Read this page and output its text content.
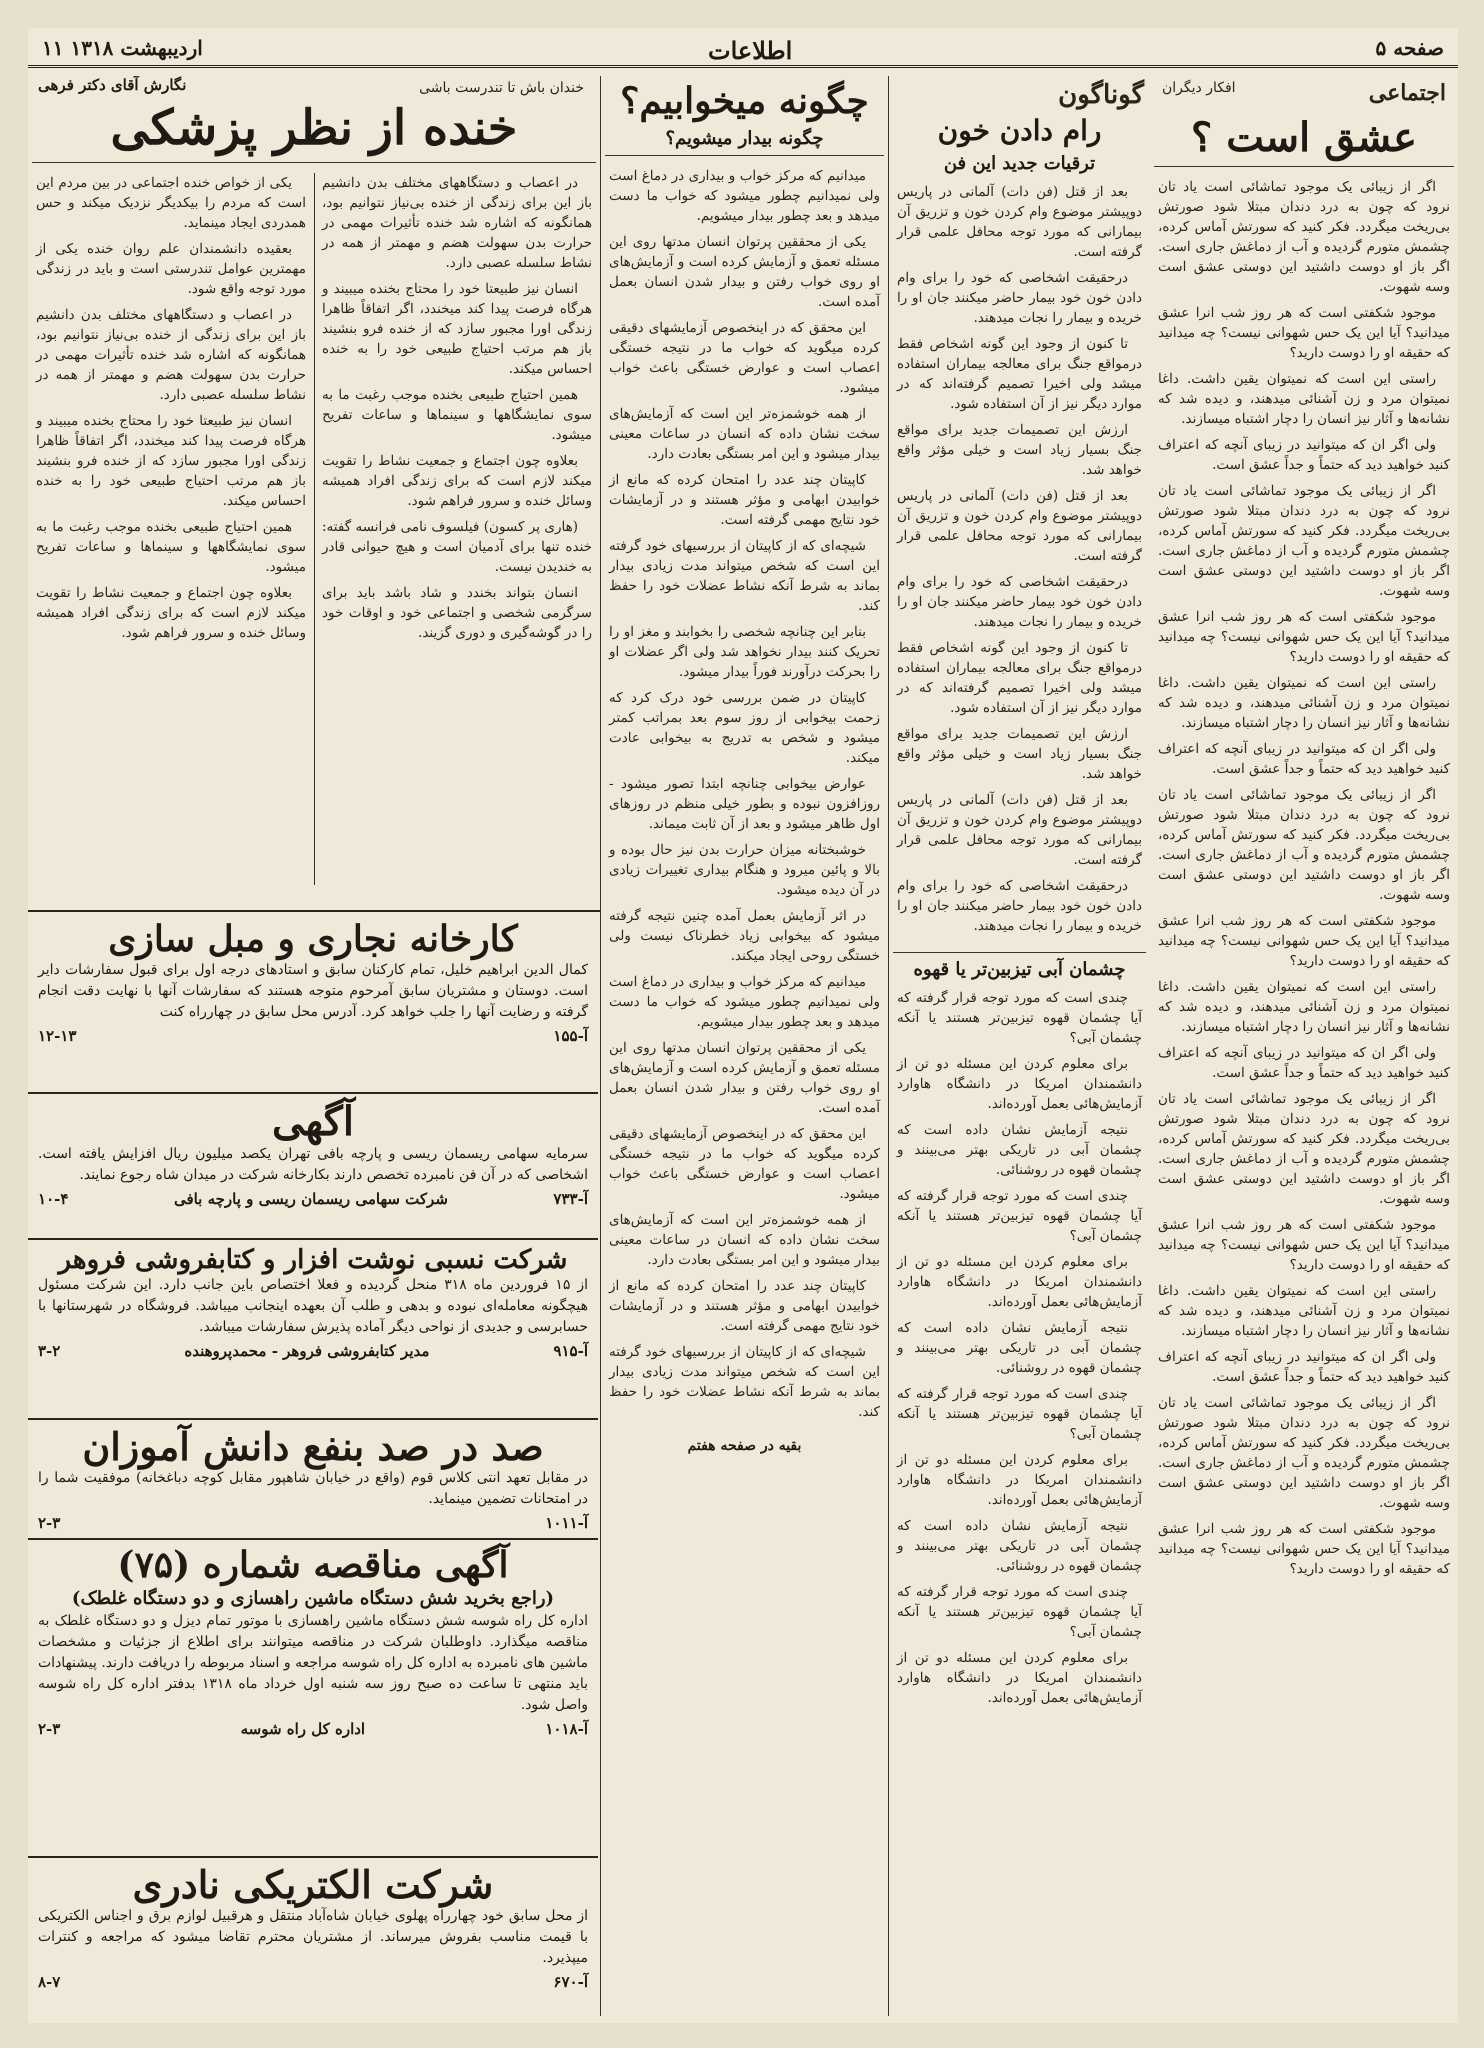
صفحه ۵
اطلاعات
۱۱ اردیبهشت ۱۳۱۸
اجتماعی
افکار دیگران
عشق است ؟

اگر از زیبائی یک موجود تماشائی است یاد تان نرود که چون به درد دندان مبتلا شود صورتش بی‌ریخت میگردد. فکر کنید که سورتش آماس کرده، چشمش متورم گردیده و آب از دماغش جاری است. اگر باز او دوست داشتید این دوستی عشق است وسه شهوت.

موجود شکفتی است که هر روز شب انرا عشق میدانید؟ آیا این یک حس شهوانی نیست؟ چه میدانید که حقیقه او را دوست دارید؟

راستی این است که نمیتوان یقین داشت. داغا نمیتوان مرد و زن آشنائی میدهند، و دیده شد که نشانه‌ها و آثار نیز انسان را دچار اشتباه میسازند.

ولی اگر ان که میتوانید در زیبای آنچه که اعتراف کنید خواهید دید که حتماً و جداً عشق است.

اگر از زیبائی یک موجود تماشائی است یاد تان نرود که چون به درد دندان مبتلا شود صورتش بی‌ریخت میگردد. فکر کنید که سورتش آماس کرده، چشمش متورم گردیده و آب از دماغش جاری است. اگر باز او دوست داشتید این دوستی عشق است وسه شهوت.

موجود شکفتی است که هر روز شب انرا عشق میدانید؟ آیا این یک حس شهوانی نیست؟ چه میدانید که حقیقه او را دوست دارید؟

راستی این است که نمیتوان یقین داشت. داغا نمیتوان مرد و زن آشنائی میدهند، و دیده شد که نشانه‌ها و آثار نیز انسان را دچار اشتباه میسازند.

ولی اگر ان که میتوانید در زیبای آنچه که اعتراف کنید خواهید دید که حتماً و جداً عشق است.

اگر از زیبائی یک موجود تماشائی است یاد تان نرود که چون به درد دندان مبتلا شود صورتش بی‌ریخت میگردد. فکر کنید که سورتش آماس کرده، چشمش متورم گردیده و آب از دماغش جاری است. اگر باز او دوست داشتید این دوستی عشق است وسه شهوت.

موجود شکفتی است که هر روز شب انرا عشق میدانید؟ آیا این یک حس شهوانی نیست؟ چه میدانید که حقیقه او را دوست دارید؟

راستی این است که نمیتوان یقین داشت. داغا نمیتوان مرد و زن آشنائی میدهند، و دیده شد که نشانه‌ها و آثار نیز انسان را دچار اشتباه میسازند.

ولی اگر ان که میتوانید در زیبای آنچه که اعتراف کنید خواهید دید که حتماً و جداً عشق است.

اگر از زیبائی یک موجود تماشائی است یاد تان نرود که چون به درد دندان مبتلا شود صورتش بی‌ریخت میگردد. فکر کنید که سورتش آماس کرده، چشمش متورم گردیده و آب از دماغش جاری است. اگر باز او دوست داشتید این دوستی عشق است وسه شهوت.

موجود شکفتی است که هر روز شب انرا عشق میدانید؟ آیا این یک حس شهوانی نیست؟ چه میدانید که حقیقه او را دوست دارید؟

راستی این است که نمیتوان یقین داشت. داغا نمیتوان مرد و زن آشنائی میدهند، و دیده شد که نشانه‌ها و آثار نیز انسان را دچار اشتباه میسازند.

ولی اگر ان که میتوانید در زیبای آنچه که اعتراف کنید خواهید دید که حتماً و جداً عشق است.

اگر از زیبائی یک موجود تماشائی است یاد تان نرود که چون به درد دندان مبتلا شود صورتش بی‌ریخت میگردد. فکر کنید که سورتش آماس کرده، چشمش متورم گردیده و آب از دماغش جاری است. اگر باز او دوست داشتید این دوستی عشق است وسه شهوت.

موجود شکفتی است که هر روز شب انرا عشق میدانید؟ آیا این یک حس شهوانی نیست؟ چه میدانید که حقیقه او را دوست دارید؟

گوناگون
رام دادن خون
ترقیات جدید این فن

بعد از قتل (فن دات) آلمانی در پاریس دوپیشتر موضوع وام کردن خون و تزریق آن بیمارانی که مورد توجه محافل علمی قرار گرفته است.

درحقیقت اشخاصی که خود را برای وام دادن خون خود بیمار حاضر میکنند جان او را خریده و بیمار را نجات میدهند.

تا کنون از وجود این گونه اشخاص فقط درمواقع جنگ برای معالجه بیماران استفاده میشد ولی اخیرا تصمیم گرفته‌اند که در موارد دیگر نیز از آن استفاده شود.

ارزش این تصمیمات جدید برای مواقع جنگ بسیار زیاد است و خیلی مؤثر واقع خواهد شد.

بعد از قتل (فن دات) آلمانی در پاریس دوپیشتر موضوع وام کردن خون و تزریق آن بیمارانی که مورد توجه محافل علمی قرار گرفته است.

درحقیقت اشخاصی که خود را برای وام دادن خون خود بیمار حاضر میکنند جان او را خریده و بیمار را نجات میدهند.

تا کنون از وجود این گونه اشخاص فقط درمواقع جنگ برای معالجه بیماران استفاده میشد ولی اخیرا تصمیم گرفته‌اند که در موارد دیگر نیز از آن استفاده شود.

ارزش این تصمیمات جدید برای مواقع جنگ بسیار زیاد است و خیلی مؤثر واقع خواهد شد.

بعد از قتل (فن دات) آلمانی در پاریس دوپیشتر موضوع وام کردن خون و تزریق آن بیمارانی که مورد توجه محافل علمی قرار گرفته است.

درحقیقت اشخاصی که خود را برای وام دادن خون خود بیمار حاضر میکنند جان او را خریده و بیمار را نجات میدهند.

چشمان آبی تیزبین‌تر یا قهوه

چندی است که مورد توجه قرار گرفته که آیا چشمان قهوه تیزبین‌تر هستند یا آنکه چشمان آبی؟

برای معلوم کردن این مسئله دو تن از دانشمندان امریکا در دانشگاه هاوارد آزمایش‌هائی بعمل آورده‌اند.

نتیجه آزمایش نشان داده است که چشمان آبی در تاریکی بهتر می‌بینند و چشمان قهوه در روشنائی.

چندی است که مورد توجه قرار گرفته که آیا چشمان قهوه تیزبین‌تر هستند یا آنکه چشمان آبی؟

برای معلوم کردن این مسئله دو تن از دانشمندان امریکا در دانشگاه هاوارد آزمایش‌هائی بعمل آورده‌اند.

نتیجه آزمایش نشان داده است که چشمان آبی در تاریکی بهتر می‌بینند و چشمان قهوه در روشنائی.

چندی است که مورد توجه قرار گرفته که آیا چشمان قهوه تیزبین‌تر هستند یا آنکه چشمان آبی؟

برای معلوم کردن این مسئله دو تن از دانشمندان امریکا در دانشگاه هاوارد آزمایش‌هائی بعمل آورده‌اند.

نتیجه آزمایش نشان داده است که چشمان آبی در تاریکی بهتر می‌بینند و چشمان قهوه در روشنائی.

چندی است که مورد توجه قرار گرفته که آیا چشمان قهوه تیزبین‌تر هستند یا آنکه چشمان آبی؟

برای معلوم کردن این مسئله دو تن از دانشمندان امریکا در دانشگاه هاوارد آزمایش‌هائی بعمل آورده‌اند.

چگونه میخوابیم؟
چگونه بیدار میشویم؟

میدانیم که مرکز خواب و بیداری در دماغ است ولی نمیدانیم چطور میشود که خواب ما دست میدهد و بعد چطور بیدار میشویم.

یکی از محققین پرتوان انسان مدتها روی این مسئله تعمق و آزمایش کرده است و آزمایش‌های او روی خواب رفتن و بیدار شدن انسان بعمل آمده است.

این محقق که در اینخصوص آزمایشهای دقیقی کرده میگوید که خواب ما در نتیجه خستگی اعصاب است و عوارض خستگی باعث خواب میشود.

از همه خوشمزه‌تر این است که آزمایش‌های سخت نشان داده که انسان در ساعات معینی بیدار میشود و این امر بستگی بعادت دارد.

کاپیتان چند عدد را امتحان کرده که مانع از خوابیدن ابهامی و مؤثر هستند و در آزمایشات خود نتایج مهمی گرفته است.

شیچه‌ای که از کاپیتان از بررسیهای خود گرفته این است که شخص میتواند مدت زیادی بیدار بماند به شرط آنکه نشاط عضلات خود را حفظ کند.

بنابر این چنانچه شخصی را بخوابند و مغز او را تحریک کنند بیدار نخواهد شد ولی اگر عضلات او را بحرکت درآورند فوراً بیدار میشود.

کاپیتان در ضمن بررسی خود درک کرد که زحمت بیخوابی از روز سوم بعد بمراتب کمتر میشود و شخص به تدریج به بیخوابی عادت میکند.

عوارض بیخوابی چنانچه ابتدا تصور میشود - روزافزون نبوده و بطور خیلی منظم در روزهای اول ظاهر میشود و بعد از آن ثابت میماند.

خوشبختانه میزان حرارت بدن نیز حال بوده و بالا و پائین میرود و هنگام بیداری تغییرات زیادی در آن دیده میشود.

در اثر آزمایش بعمل آمده چنین نتیجه گرفته میشود که بیخوابی زیاد خطرناک نیست ولی خستگی روحی ایجاد میکند.

میدانیم که مرکز خواب و بیداری در دماغ است ولی نمیدانیم چطور میشود که خواب ما دست میدهد و بعد چطور بیدار میشویم.

یکی از محققین پرتوان انسان مدتها روی این مسئله تعمق و آزمایش کرده است و آزمایش‌های او روی خواب رفتن و بیدار شدن انسان بعمل آمده است.

این محقق که در اینخصوص آزمایشهای دقیقی کرده میگوید که خواب ما در نتیجه خستگی اعصاب است و عوارض خستگی باعث خواب میشود.

از همه خوشمزه‌تر این است که آزمایش‌های سخت نشان داده که انسان در ساعات معینی بیدار میشود و این امر بستگی بعادت دارد.

کاپیتان چند عدد را امتحان کرده که مانع از خوابیدن ابهامی و مؤثر هستند و در آزمایشات خود نتایج مهمی گرفته است.

شیچه‌ای که از کاپیتان از بررسیهای خود گرفته این است که شخص میتواند مدت زیادی بیدار بماند به شرط آنکه نشاط عضلات خود را حفظ کند.

بقیه در صفحه هفتم
خندان باش تا تندرست باشی
نگارش آقای دکتر فرهی
خنده از نظر پزشکی

در اعصاب و دستگاههای مختلف بدن دانشیم باز این برای زندگی از خنده بی‌نیاز نتوانیم بود، همانگونه که اشاره شد خنده تأثیرات مهمی در حرارت بدن سهولت هضم و مهمتر از همه در نشاط سلسله عصبی دارد.

انسان نیز طبیعتا خود را محتاج بخنده میبیند و هرگاه فرصت پیدا کند میخندد، اگر اتفاقاً ظاهرا زندگی اورا مجبور سازد که از خنده فرو بنشیند باز هم مرتب احتیاج طبیعی خود را به خنده احساس میکند.

همین احتیاج طبیعی بخنده موجب رغبت ما به سوی نمایشگاهها و سینماها و ساعات تفریح میشود.

بعلاوه چون اجتماع و جمعیت نشاط را تقویت میکند لازم است که برای زندگی افراد همیشه وسائل خنده و سرور فراهم شود.

(هاری پر کسون) فیلسوف نامی فرانسه گفته: خنده تنها برای آدمیان است و هیچ حیوانی قادر به خندیدن نیست.

انسان بتواند بخندد و شاد باشد باید برای سرگرمی شخصی و اجتماعی خود و اوقات خود را در گوشه‌گیری و دوری گزیند.

یکی از خواص خنده اجتماعی در بین مردم این است که مردم را بیکدیگر نزدیک میکند و حس همدردی ایجاد مینماید.

بعقیده دانشمندان علم روان خنده یکی از مهمترین عوامل تندرستی است و باید در زندگی مورد توجه واقع شود.

در اعصاب و دستگاههای مختلف بدن دانشیم باز این برای زندگی از خنده بی‌نیاز نتوانیم بود، همانگونه که اشاره شد خنده تأثیرات مهمی در حرارت بدن سهولت هضم و مهمتر از همه در نشاط سلسله عصبی دارد.

انسان نیز طبیعتا خود را محتاج بخنده میبیند و هرگاه فرصت پیدا کند میخندد، اگر اتفاقاً ظاهرا زندگی اورا مجبور سازد که از خنده فرو بنشیند باز هم مرتب احتیاج طبیعی خود را به خنده احساس میکند.

همین احتیاج طبیعی بخنده موجب رغبت ما به سوی نمایشگاهها و سینماها و ساعات تفریح میشود.

بعلاوه چون اجتماع و جمعیت نشاط را تقویت میکند لازم است که برای زندگی افراد همیشه وسائل خنده و سرور فراهم شود.

کارخانه نجاری و مبل سازی
کمال الدین ابراهیم خلیل، تمام کارکنان سابق و استادهای درجه اول برای قبول سفارشات دایر است. دوستان و مشتریان سابق آمرحوم متوجه هستند که سفارشات آنها با نهایت دقت انجام گرفته و رضایت آنها را جلب خواهد کرد. آدرس محل سابق در چهارراه کنت
آ-۱۵۵
۱۲-۱۳
آگهی
سرمایه سهامی ریسمان ریسی و پارچه بافی تهران یکصد میلیون ریال افزایش یافته است. اشخاصی که در آن فن نامبرده تخصص دارند بکارخانه شرکت در میدان شاه رجوع نمایند.
آ-۷۳۳
شرکت سهامی ریسمان ریسی و پارچه بافی
۱۰-۴
شرکت نسبی نوشت افزار و کتابفروشی فروهر
از ۱۵ فروردین ماه ۳۱۸ منحل گردیده و فعلا اختصاص باین جانب دارد. این شرکت مسئول هیچگونه معامله‌ای نبوده و بدهی و طلب آن بعهده اینجانب میباشد. فروشگاه در شهرستانها با حسابرسی و جدیدی از نواحی دیگر آماده پذیرش سفارشات میباشد.
آ-۹۱۵
مدیر کتابفروشی فروهر - محمدپروهنده
۳-۲
صد در صد بنفع دانش آموزان
در مقابل تعهد انتی کلاس قوم (واقع در خیابان شاهپور مقابل کوچه دباغخانه) موفقیت شما را در امتحانات تضمین مینماید.
آ-۱۰۱۱
۲-۳
آگهی مناقصه شماره (۷۵)
(راجع بخرید شش دستگاه ماشین راهسازی و دو دستگاه غلطک)
اداره کل راه شوسه شش دستگاه ماشین راهسازی با موتور تمام دیزل و دو دستگاه غلطک به مناقصه میگذارد. داوطلبان شرکت در مناقصه میتوانند برای اطلاع از جزئیات و مشخصات ماشین های نامبرده به اداره کل راه شوسه مراجعه و اسناد مربوطه را دریافت دارند. پیشنهادات باید منتهی تا ساعت ده صبح روز سه شنبه اول خرداد ماه ۱۳۱۸ بدفتر اداره کل راه شوسه واصل شود.
آ-۱۰۱۸
اداره کل راه شوسه
۲-۳
شرکت الکتریکی نادری
از محل سابق خود چهارراه پهلوی خیابان شاه‌آباد منتقل و هرقبیل لوازم برق و اجناس الکتریکی با قیمت مناسب بفروش میرساند. از مشتریان محترم تقاضا میشود که مراجعه و کنترات میپذیرد.
آ-۶۷۰
۸-۷
